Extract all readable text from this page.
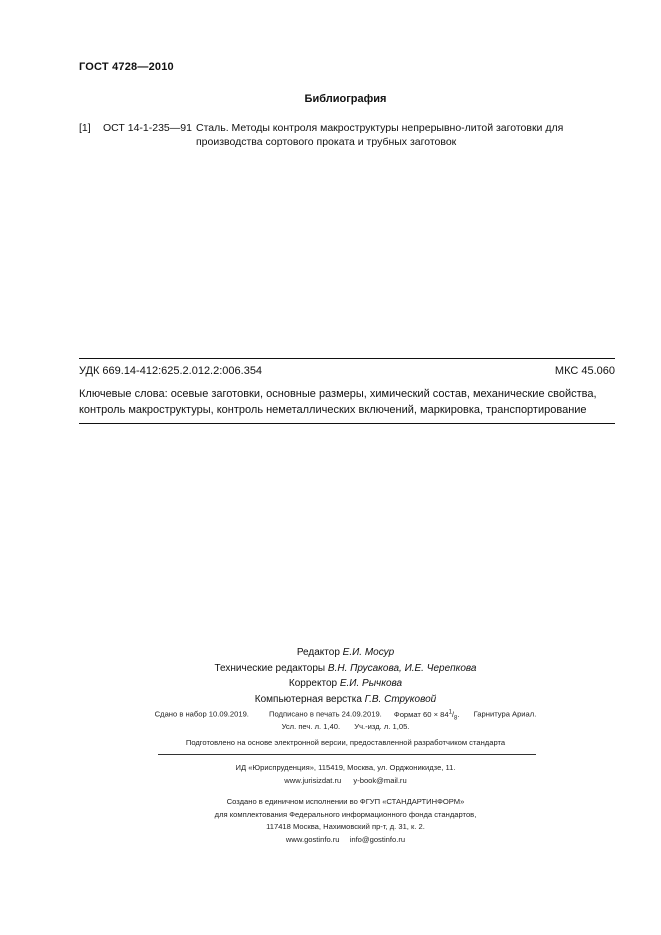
ГОСТ 4728—2010
Библиография
[1] ОСТ 14-1-235—91 Сталь. Методы контроля макроструктуры непрерывно-литой заготовки для производства сортового проката и трубных заготовок
УДК 669.14-412:625.2.012.2:006.354	МКС 45.060
Ключевые слова: осевые заготовки, основные размеры, химический состав, механические свойства, контроль макроструктуры, контроль неметаллических включений, маркировка, транспортирование
Редактор Е.И. Мосур
Технические редакторы В.Н. Прусакова, И.Е. Черепкова
Корректор Е.И. Рычкова
Компьютерная верстка Г.В. Струковой
Сдано в набор 10.09.2019.	Подписано в печать 24.09.2019. Формат $60 \times 84^1/_8$. Гарнитура Ариал.
Усл. печ. л. 1,40. Уч.-изд. л. 1,05.
Подготовлено на основе электронной версии, предоставленной разработчиком стандарта
ИД «Юриспруденция», 115419, Москва, ул. Орджоникидзе, 11.
www.jurisizdat.ru y-book@mail.ru
Создано в единичном исполнении во ФГУП «СТАНДАРТИНФОРМ»
для комплектования Федерального информационного фонда стандартов,
117418 Москва, Нахимовский пр-т, д. 31, к. 2.
www.gostinfo.ru info@gostinfo.ru
